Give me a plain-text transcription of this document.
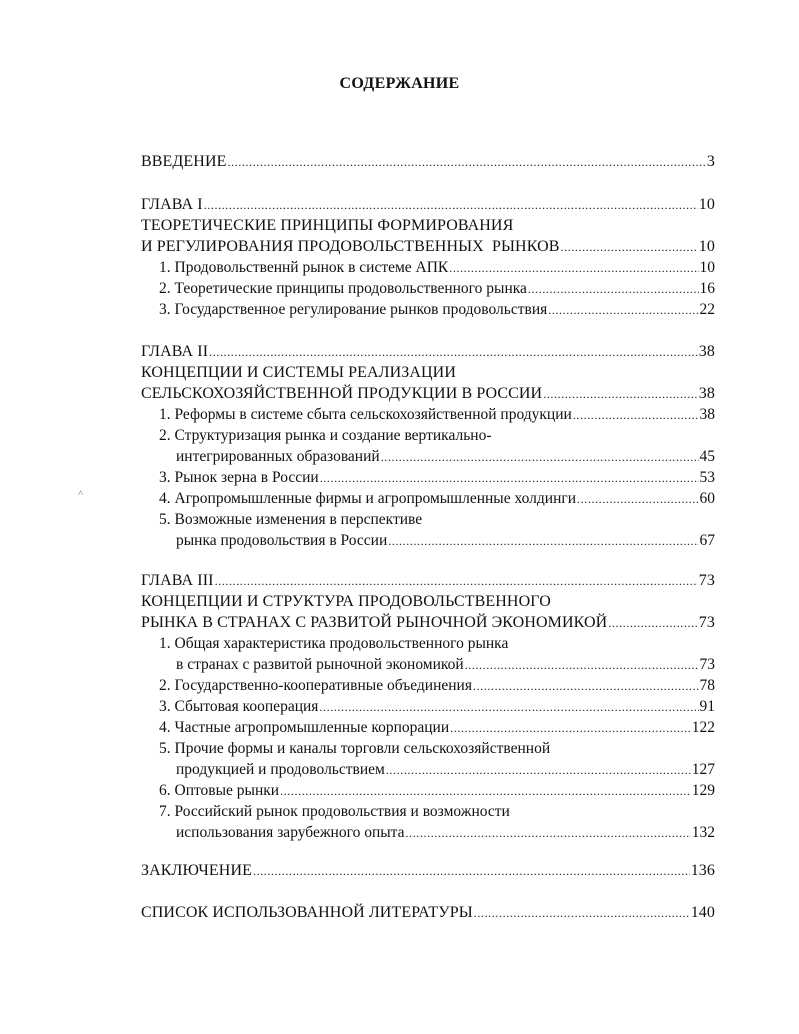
СОДЕРЖАНИЕ
ВВЕДЕНИЕ .....	3
ГЛАВА I .....	10
ТЕОРЕТИЧЕСКИЕ ПРИНЦИПЫ ФОРМИРОВАНИЯ
И РЕГУЛИРОВАНИЯ ПРОДОВОЛЬСТВЕННЫХ  РЫНКОВ .....	10
1. Продовольственнй рынок в системе АПК .....	10
2. Теоретические принципы продовольственного рынка .....	16
3. Государственное регулирование рынков продовольствия .....	22
ГЛАВА II .....	38
КОНЦЕПЦИИ И СИСТЕМЫ РЕАЛИЗАЦИИ
СЕЛЬСКОХОЗЯЙСТВЕННОЙ ПРОДУКЦИИ В РОССИИ .....	38
1. Реформы в системе сбыта сельскохозяйственной продукции .....	38
2. Структуризация рынка и создание вертикально-
интегрированных образований .....	45
3. Рынок зерна в России .....	53
4. Агропромышленные фирмы и агропромышленные холдинги .....	60
5. Возможные изменения в перспективе
рынка продовольствия в России .....	67
ГЛАВА III .....	73
КОНЦЕПЦИИ И СТРУКТУРА ПРОДОВОЛЬСТВЕННОГО
РЫНКА В СТРАНАХ С РАЗВИТОЙ РЫНОЧНОЙ ЭКОНОМИКОЙ .....	73
1. Общая характеристика продовольственного рынка
в странах с развитой рыночной экономикой .....	73
2. Государственно-кооперативные объединения .....	78
3. Сбытовая кооперация .....	91
4. Частные агропромышленные корпорации .....	122
5. Прочие формы и каналы торговли сельскохозяйственной
продукцией и продовольствием .....	127
6. Оптовые рынки .....	129
7. Российский рынок продовольствия и возможности
использования зарубежного опыта .....	132
ЗАКЛЮЧЕНИЕ .....	136
СПИСОК ИСПОЛЬЗОВАННОЙ ЛИТЕРАТУРЫ .....	140
˄
